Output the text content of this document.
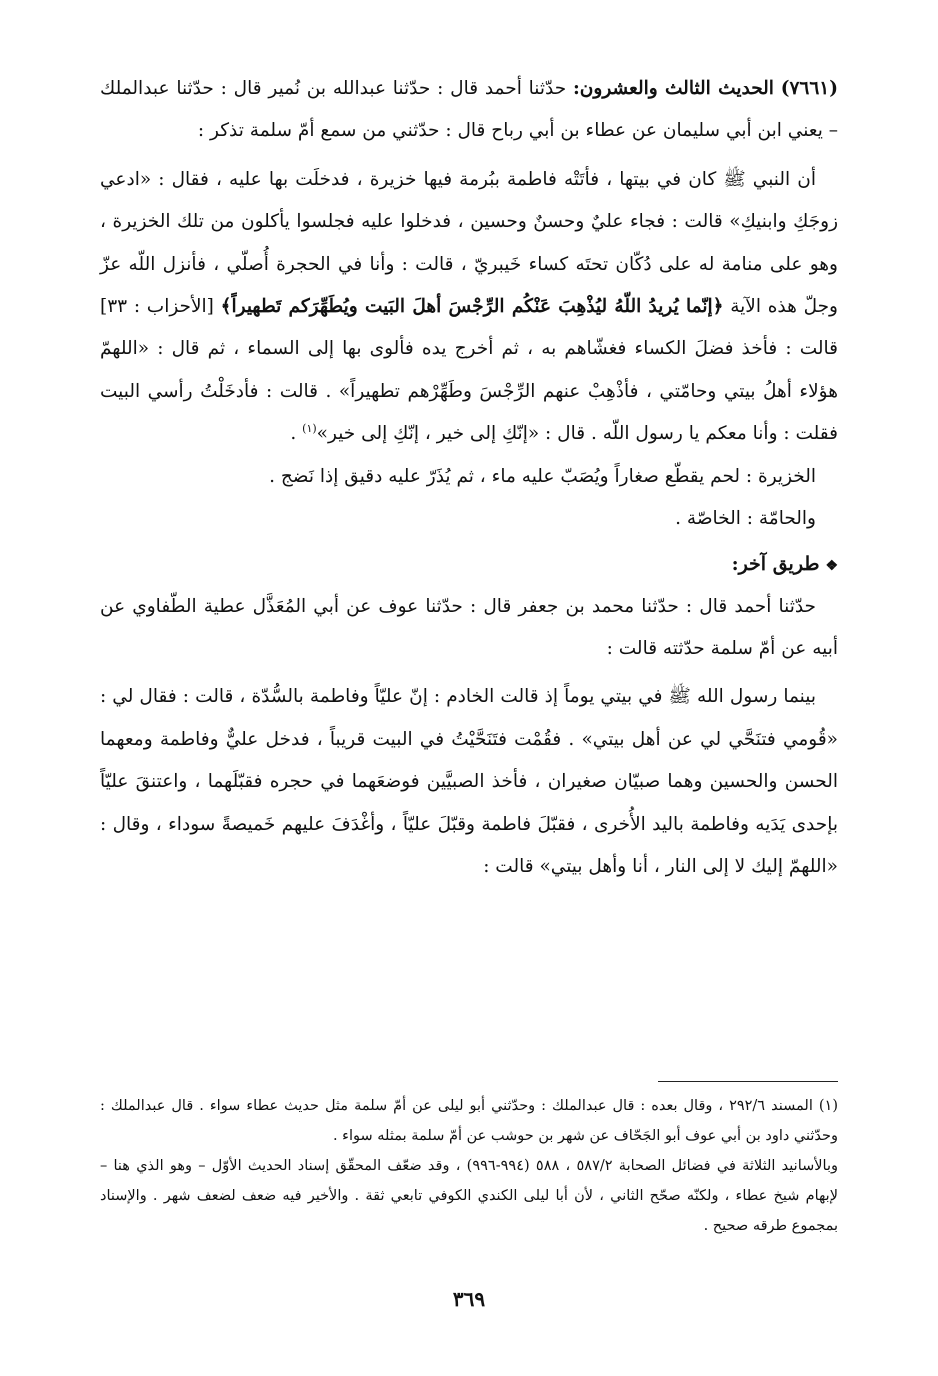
(٧٦٦١) الحديث الثالث والعشرون: حدّثنا أحمد قال : حدّثنا عبدالله بن نُمير قال : حدّثنا عبدالملك – يعني ابن أبي سليمان عن عطاء بن أبي رباح قال : حدّثني من سمع أمّ سلمة تذكر :

أن النبي ﷺ كان في بيتها ، فأتَتْه فاطمة ببُرمة فيها خزيرة ، فدخلَت بها عليه ، فقال : «ادعي زوجَكِ وابنيكِ» قالت : فجاء عليٌ وحسنٌ وحسين ، فدخلوا عليه فجلسوا يأكلون من تلك الخزيرة ، وهو على منامة له على دُكّان تحتَه كساء خَيبريّ ، قالت : وأنا في الحجرة أُصلّي ، فأنزل اللّه عزّ وجلّ هذه الآية ﴿إنّما يُريدُ اللّهُ ليُذْهِبَ عَنْكُم الرِّجْسَ أهلَ البَيت ويُطَهِّرَكم تَطهيراً﴾ [الأحزاب : ٣٣] قالت : فأخذ فضلَ الكساء فغشّاهم به ، ثم أخرج يده فألوى بها إلى السماء ، ثم قال : «اللهمّ هؤلاء أهلُ بيتي وحامّتي ، فأذْهِبْ عنهم الرِّجْسَ وطَهِّرْهم تطهيراً» . قالت : فأدخَلْتُ رأسي البيت فقلت : وأنا معكم يا رسول اللّه . قال : «إنّكِ إلى خير ، إنّكِ إلى خير»$^{(١)}$ .

الخزيرة : لحم يقطّع صغاراً ويُصَبّ عليه ماء ، ثم يُذَرّ عليه دقيق إذا نَضج .

والحامّة : الخاصّة .

❖طريق آخر:

حدّثنا أحمد قال : حدّثنا محمد بن جعفر قال : حدّثنا عوف عن أبي المُعَذَّل عطية الطّفاوي عن أبيه عن أمّ سلمة حدّثته قالت :

بينما رسول الله ﷺ في بيتي يوماً إذ قالت الخادم : إنّ عليّاً وفاطمة بالسُّدّة ، قالت : فقال لي : «قُومي فتنَحَّي لي عن أهل بيتي» . فقُمْت فتَنَحَّيْتُ في البيت قريباً ، فدخل عليٌّ وفاطمة ومعهما الحسن والحسين وهما صبيّان صغيران ، فأخذ الصبيَّين فوضعَهما في حجره فقبّلَهما ، واعتنقَ عليّاً بإحدى يَدَيه وفاطمة باليد الأُخرى ، فقبّلَ فاطمة وقبّلَ عليّاً ، وأغْدَفَ عليهم خَميصةً سوداء ، وقال : «اللهمّ إليك لا إلى النار ، أنا وأهل بيتي» قالت :

(١) المسند ٢٩٢/٦ ، وقال بعده : قال عبدالملك : وحدّثني أبو ليلى عن أمّ سلمة مثل حديث عطاء سواء . قال عبدالملك : وحدّثني داود بن أبي عوف أبو الجَحّاف عن شهر بن حوشب عن أمّ سلمة بمثله سواء .

وبالأسانيد الثلاثة في فضائل الصحابة ٥٨٧/٢ ، ٥٨٨ (٩٩٤-٩٩٦) ، وقد ضعّف المحقّق إسناد الحديث الأوّل – وهو الذي هنا – لإبهام شيخ عطاء ، ولكنّه صحّح الثاني ، لأن أبا ليلى الكندي الكوفي تابعي ثقة . والأخير فيه ضعف لضعف شهر . والإسناد بمجموع طرقه صحيح .

٣٦٩
